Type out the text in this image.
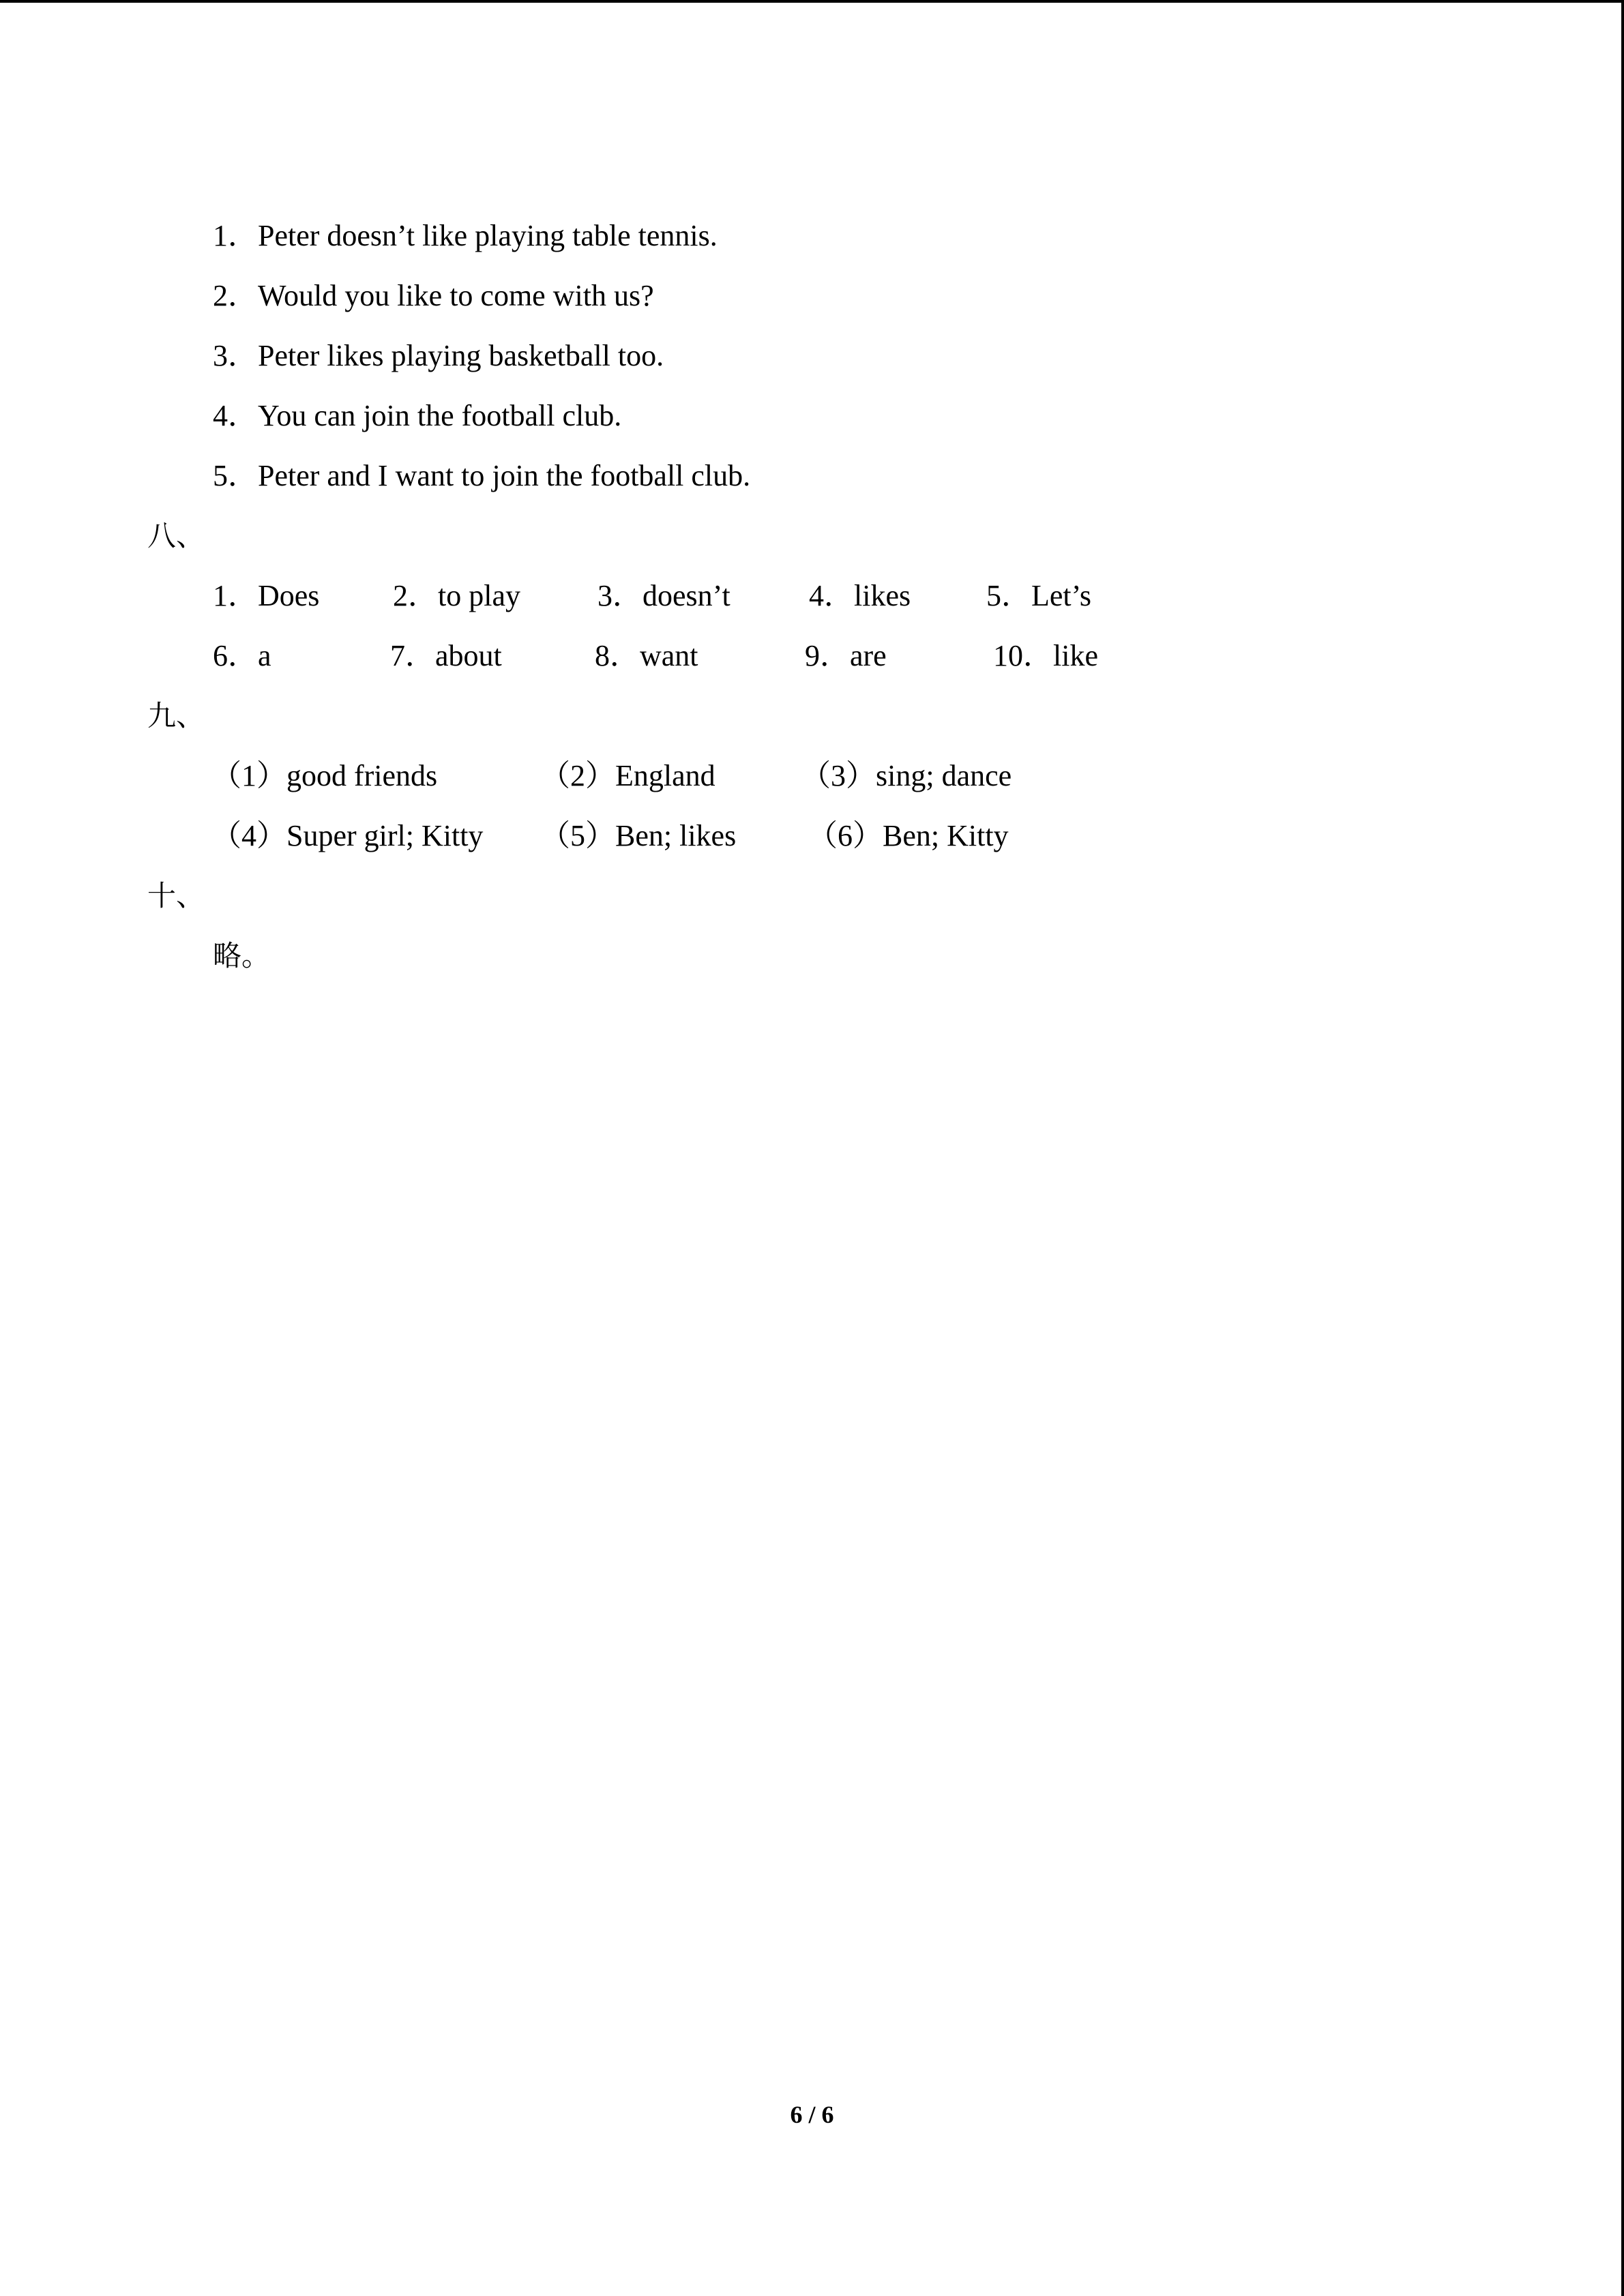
1．Peter doesn’t like playing table tennis.
2．Would you like to come with us?
3．Peter likes playing basketball too.
4．You can join the football club.
5．Peter and I want to join the football club.
八、
1．Does 2．to play	3．doesn’t	4．likes	5．Let’s
6．a	7．about	8．want	9．are	10．like
九、
（1）good friends	（2）England	（3）sing; dance
（4）Super girl; Kitty （5）Ben; likes （6）Ben; Kitty
十、
略。
6 / 6
